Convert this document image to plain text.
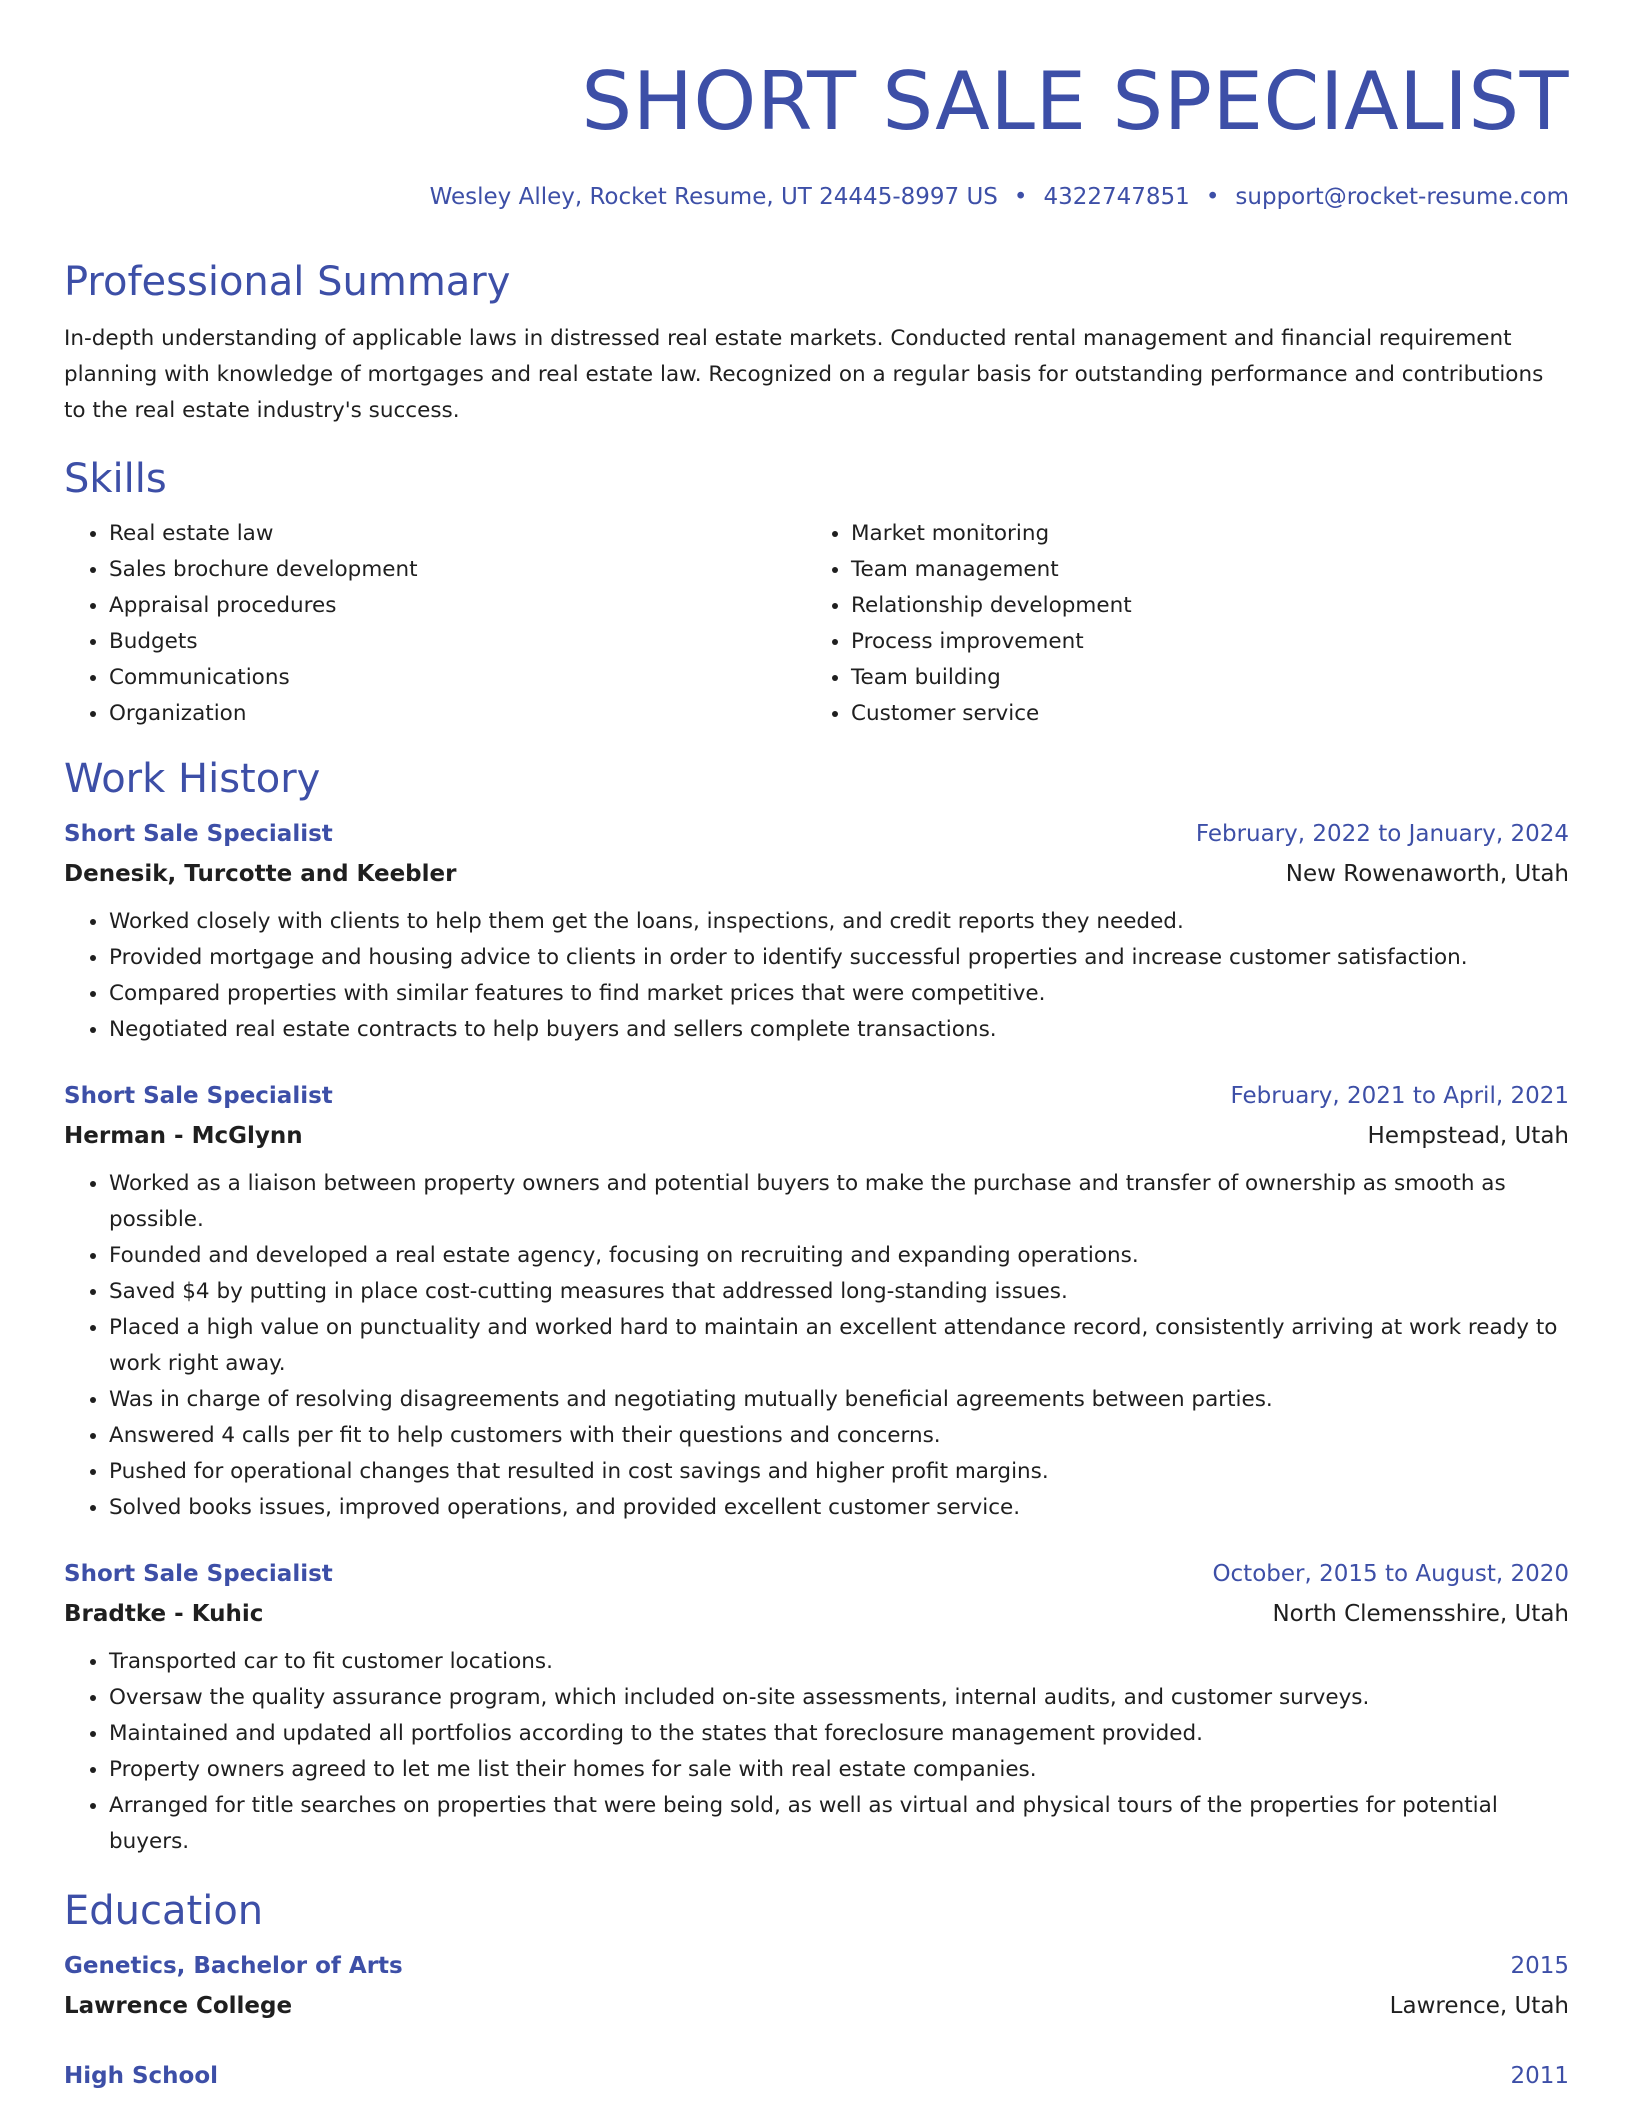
SHORT SALE SPECIALIST
Wesley Alley, Rocket Resume, UT 24445-8997 US • 4322747851 • support@rocket-resume.com
Professional Summary
In-depth understanding of applicable laws in distressed real estate markets. Conducted rental management and financial requirement planning with knowledge of mortgages and real estate law. Recognized on a regular basis for outstanding performance and contributions to the real estate industry's success.
Skills
• Real estate law
• Sales brochure development
• Appraisal procedures
• Budgets
• Communications
• Organization
• Market monitoring
• Team management
• Relationship development
• Process improvement
• Team building
• Customer service
Work History
Short Sale Specialist	February, 2022 to January, 2024
Denesik, Turcotte and Keebler	New Rowenaworth, Utah
• Worked closely with clients to help them get the loans, inspections, and credit reports they needed.
• Provided mortgage and housing advice to clients in order to identify successful properties and increase customer satisfaction.
• Compared properties with similar features to find market prices that were competitive.
• Negotiated real estate contracts to help buyers and sellers complete transactions.
Short Sale Specialist	February, 2021 to April, 2021
Herman - McGlynn	Hempstead, Utah
• Worked as a liaison between property owners and potential buyers to make the purchase and transfer of ownership as smooth as possible.
• Founded and developed a real estate agency, focusing on recruiting and expanding operations.
• Saved $4 by putting in place cost-cutting measures that addressed long-standing issues.
• Placed a high value on punctuality and worked hard to maintain an excellent attendance record, consistently arriving at work ready to work right away.
• Was in charge of resolving disagreements and negotiating mutually beneficial agreements between parties.
• Answered 4 calls per fit to help customers with their questions and concerns.
• Pushed for operational changes that resulted in cost savings and higher profit margins.
• Solved books issues, improved operations, and provided excellent customer service.
Short Sale Specialist	October, 2015 to August, 2020
Bradtke - Kuhic	North Clemensshire, Utah
• Transported car to fit customer locations.
• Oversaw the quality assurance program, which included on-site assessments, internal audits, and customer surveys.
• Maintained and updated all portfolios according to the states that foreclosure management provided.
• Property owners agreed to let me list their homes for sale with real estate companies.
• Arranged for title searches on properties that were being sold, as well as virtual and physical tours of the properties for potential buyers.
Education
Genetics, Bachelor of Arts	2015
Lawrence College	Lawrence, Utah
High School	2011
